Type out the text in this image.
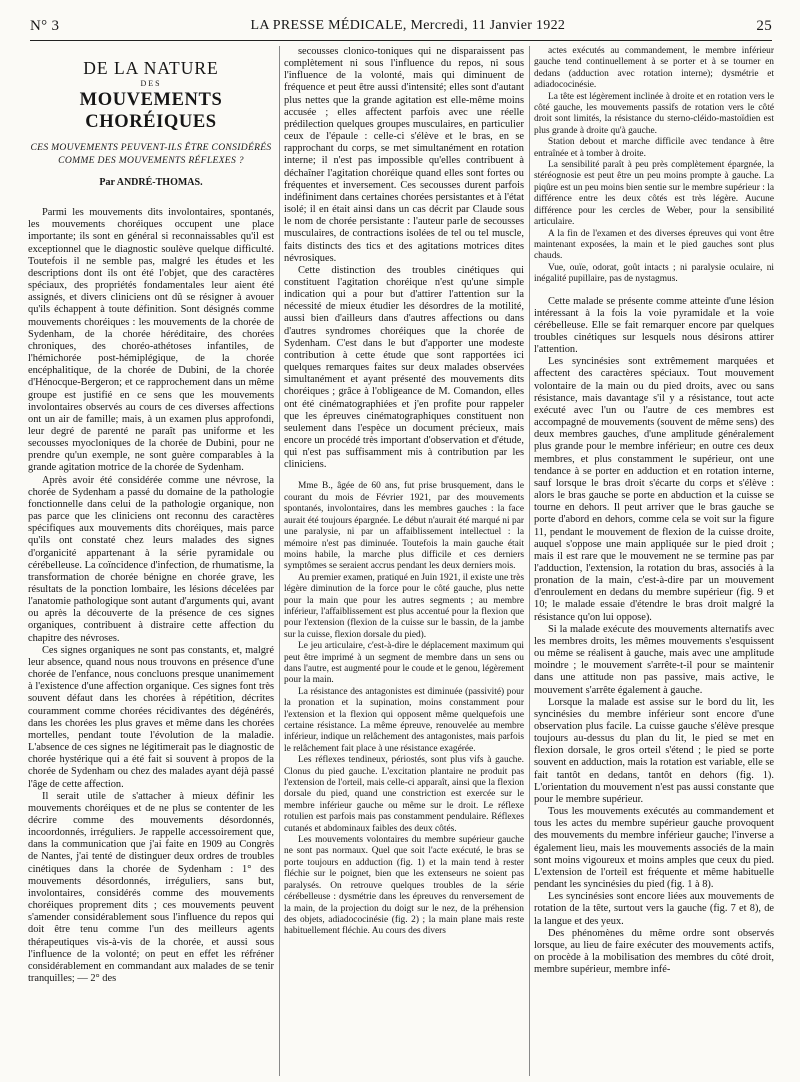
N° 3	LA PRESSE MÉDICALE, Mercredi, 11 Janvier 1922	25
DE LA NATURE
DES
MOUVEMENTS CHORÉIQUES
CES MOUVEMENTS PEUVENT-ILS ÊTRE CONSIDÉRÉS COMME DES MOUVEMENTS RÉFLEXES ?
Par ANDRÉ-THOMAS.

Parmi les mouvements dits involontaires, spontanés, les mouvements choréiques occupent une place importante; ils sont en général si reconnaissables qu'il est exceptionnel que le diagnostic soulève quelque difficulté. Toutefois il ne semble pas, malgré les études et les descriptions dont ils ont été l'objet, que des caractères spéciaux, des propriétés fondamentales leur aient été assignés, et divers cliniciens ont dû se résigner à avouer qu'ils échappent à toute définition. Sont désignés comme mouvements choréiques : les mouvements de la chorée de Sydenham, de la chorée héréditaire, des chorées chroniques, des choréo-athétoses infantiles, de l'hémichorée post-hémiplégique, de la chorée encéphalitique, de la chorée de Dubini, de la chorée d'Hénocque-Bergeron; et ce rapprochement dans un même groupe est justifié en ce sens que les mouvements involontaires observés au cours de ces diverses affections ont un air de famille; mais, à un examen plus approfondi, leur degré de parenté ne paraît pas uniforme et les secousses myocloniques de la chorée de Dubini, pour ne prendre qu'un exemple, ne sont guère comparables à la grande agitation motrice de la chorée de Sydenham.

Après avoir été considérée comme une névrose, la chorée de Sydenham a passé du domaine de la pathologie fonctionnelle dans celui de la pathologie organique, non pas parce que les cliniciens ont reconnu des caractères spécifiques aux mouvements dits choréiques, mais parce qu'ils ont constaté chez leurs malades des signes d'organicité appartenant à la série pyramidale ou cérébelleuse. La coïncidence d'infection, de rhumatisme, la transformation de chorée bénigne en chorée grave, les résultats de la ponction lombaire, les lésions décelées par l'anatomie pathologique sont autant d'arguments qui, avant ou après la découverte de la présence de ces signes organiques, contribuent à distraire cette affection du chapitre des névroses.

Ces signes organiques ne sont pas constants, et, malgré leur absence, quand nous nous trouvons en présence d'une chorée de l'enfance, nous concluons presque unanimement à l'existence d'une affection organique. Ces signes font très souvent défaut dans les chorées à répétition, décrites couramment comme chorées récidivantes des dégénérés, dans les chorées les plus graves et même dans les chorées mortelles, pendant toute l'évolution de la maladie. L'absence de ces signes ne légitimerait pas le diagnostic de chorée hystérique qui a été fait si souvent à propos de la chorée de Sydenham ou chez des malades ayant déjà passé l'âge de cette affection.

Il serait utile de s'attacher à mieux définir les mouvements choréiques et de ne plus se contenter de les décrire comme des mouvements désordonnés, incoordonnés, irréguliers. Je rappelle accessoirement que, dans la communication que j'ai faite en 1909 au Congrès de Nantes, j'ai tenté de distinguer deux ordres de troubles cinétiques dans la chorée de Sydenham : 1° des mouvements désordonnés, irréguliers, sans but, involontaires, considérés comme des mouvements choréiques proprement dits ; ces mouvements peuvent s'amender considérablement sous l'influence du repos qui doit être tenu comme l'un des meilleurs agents thérapeutiques vis-à-vis de la chorée, et aussi sous l'influence de la volonté; on peut en effet les réfréner considérablement en commandant aux malades de se tenir tranquilles; — 2° des

secousses clonico-toniques qui ne disparaissent pas complètement ni sous l'influence du repos, ni sous l'influence de la volonté, mais qui diminuent de fréquence et peut être aussi d'intensité; elles sont d'autant plus nettes que la grande agitation est elle-même moins accusée ; elles affectent parfois avec une réelle prédilection quelques groupes musculaires, en particulier ceux de l'épaule : celle-ci s'élève et le bras, en se rapprochant du corps, se met simultanément en rotation interne; il n'est pas impossible qu'elles contribuent à déchaîner l'agitation choréique quand elles sont fortes ou fréquentes et inversement. Ces secousses durent parfois indéfiniment dans certaines chorées persistantes et à l'état isolé; il en était ainsi dans un cas décrit par Claude sous le nom de chorée persistante : l'auteur parle de secousses musculaires, de contractions isolées de tel ou tel muscle, faits distincts des tics et des agitations motrices dites névrosiques.

Cette distinction des troubles cinétiques qui constituent l'agitation choréique n'est qu'une simple indication qui a pour but d'attirer l'attention sur la nécessité de mieux étudier les désordres de la motilité, aussi bien d'ailleurs dans d'autres affections ou dans d'autres syndromes choréiques que la chorée de Sydenham. C'est dans le but d'apporter une modeste contribution à cette étude que sont rapportées ici quelques remarques faites sur deux malades observées simultanément et ayant présenté des mouvements dits choréiques ; grâce à l'obligeance de M. Comandon, elles ont été cinématographiées et j'en profite pour rappeler que les épreuves cinématographiques constituent non seulement dans l'espèce un document précieux, mais encore un procédé très important d'observation et d'étude, qui n'est pas suffisamment mis à contribution par les cliniciens.

Mme B., âgée de 60 ans, fut prise brusquement, dans le courant du mois de Février 1921, par des mouvements spontanés, involontaires, dans les membres gauches : la face aurait été toujours épargnée. Le début n'aurait été marqué ni par une paralysie, ni par un affaiblissement intellectuel : la mémoire n'est pas diminuée. Toutefois la main gauche était moins habile, la marche plus difficile et ces derniers symptômes se seraient accrus pendant les deux derniers mois.

Au premier examen, pratiqué en Juin 1921, il existe une très légère diminution de la force pour le côté gauche, plus nette pour la main que pour les autres segments ; au membre inférieur, l'affaiblissement est plus accentué pour la flexion que pour l'extension (flexion de la cuisse sur le bassin, de la jambe sur la cuisse, flexion dorsale du pied).

Le jeu articulaire, c'est-à-dire le déplacement maximum qui peut être imprimé à un segment de membre dans un sens ou dans l'autre, est augmenté pour le coude et le genou, légèrement pour la main.

La résistance des antagonistes est diminuée (passivité) pour la pronation et la supination, moins constamment pour l'extension et la flexion qui opposent même quelquefois une certaine résistance. La même épreuve, renouvelée au membre inférieur, indique un relâchement des antagonistes, mais parfois le relâchement fait place à une résistance exagérée.

Les réflexes tendineux, périostés, sont plus vifs à gauche. Clonus du pied gauche. L'excitation plantaire ne produit pas l'extension de l'orteil, mais celle-ci apparaît, ainsi que la flexion dorsale du pied, quand une constriction est exercée sur le membre inférieur gauche ou même sur le droit. Le réflexe rotulien est parfois mais pas constamment pendulaire. Réflexes cutanés et abdominaux faibles des deux côtés.

Les mouvements volontaires du membre supérieur gauche ne sont pas normaux. Quel que soit l'acte exécuté, le bras se porte toujours en adduction (fig. 1) et la main tend à rester fléchie sur le poignet, bien que les extenseurs ne soient pas paralysés. On retrouve quelques troubles de la série cérébelleuse : dysmétrie dans les épreuves du renversement de la main, de la projection du doigt sur le nez, de la préhension des objets, adiadococinésie (fig. 2) ; la main plane mais reste habituellement fléchie. Au cours des divers

actes exécutés au commandement, le membre inférieur gauche tend continuellement à se porter et à se tourner en dedans (adduction avec rotation interne); dysmétrie et adiadococinésie.

La tête est légèrement inclinée à droite et en rotation vers le côté gauche, les mouvements passifs de rotation vers le côté droit sont limités, la résistance du sterno-cléido-mastoïdien est plus grande à droite qu'à gauche.

Station debout et marche difficile avec tendance à être entraînée et à tomber à droite.

La sensibilité paraît à peu près complètement épargnée, la stéréognosie est peut être un peu moins prompte à gauche. La piqûre est un peu moins bien sentie sur le membre supérieur : la différence entre les deux côtés est très légère. Aucune différence pour les cercles de Weber, pour la sensibilité articulaire.

A la fin de l'examen et des diverses épreuves qui vont être maintenant exposées, la main et le pied gauches sont plus chauds.

Vue, ouïe, odorat, goût intacts ; ni paralysie oculaire, ni inégalité pupillaire, pas de nystagmus.

Cette malade se présente comme atteinte d'une lésion intéressant à la fois la voie pyramidale et la voie cérébelleuse. Elle se fait remarquer encore par quelques troubles cinétiques sur lesquels nous désirons attirer l'attention.

Les syncinésies sont extrêmement marquées et affectent des caractères spéciaux. Tout mouvement volontaire de la main ou du pied droits, avec ou sans résistance, mais davantage s'il y a résistance, tout acte exécuté avec l'un ou l'autre de ces membres est accompagné de mouvements (souvent de même sens) des deux membres gauches, d'une amplitude généralement plus grande pour le membre inférieur; en outre ces deux membres, et plus constamment le supérieur, ont une tendance à se porter en adduction et en rotation interne, sauf lorsque le bras droit s'écarte du corps et s'élève : alors le bras gauche se porte en abduction et la cuisse se tourne en dehors. Il peut arriver que le bras gauche se porte d'abord en dehors, comme cela se voit sur la figure 11, pendant le mouvement de flexion de la cuisse droite, auquel s'oppose une main appliquée sur le pied droit ; mais il est rare que le mouvement ne se termine pas par l'adduction, l'extension, la rotation du bras, associés à la pronation de la main, c'est-à-dire par un mouvement d'enroulement en dedans du membre supérieur (fig. 9 et 10; le malade essaie d'étendre le bras droit malgré la résistance qu'on lui oppose).

Si la malade exécute des mouvements alternatifs avec les membres droits, les mêmes mouvements s'esquissent ou même se réalisent à gauche, mais avec une amplitude moindre ; le mouvement s'arrête-t-il pour se maintenir dans une attitude non pas passive, mais active, le mouvement s'arrête également à gauche.

Lorsque la malade est assise sur le bord du lit, les syncinésies du membre inférieur sont encore d'une observation plus facile. La cuisse gauche s'élève presque toujours au-dessus du plan du lit, le pied se met en flexion dorsale, le gros orteil s'étend ; le pied se porte souvent en adduction, mais la rotation est variable, elle se fait tantôt en dedans, tantôt en dehors (fig. 1). L'orientation du mouvement n'est pas aussi constante que pour le membre supérieur.

Tous les mouvements exécutés au commandement et tous les actes du membre supérieur gauche provoquent des mouvements du membre inférieur gauche; l'inverse a également lieu, mais les mouvements associés de la main sont moins vigoureux et moins amples que ceux du pied. L'extension de l'orteil est fréquente et même habituelle pendant les syncinésies du pied (fig. 1 à 8).

Les syncinésies sont encore liées aux mouvements de rotation de la tête, surtout vers la gauche (fig. 7 et 8), de la langue et des yeux.

Des phénomènes du même ordre sont observés lorsque, au lieu de faire exécuter des mouvements actifs, on procède à la mobilisation des membres du côté droit, membre supérieur, membre infé-
